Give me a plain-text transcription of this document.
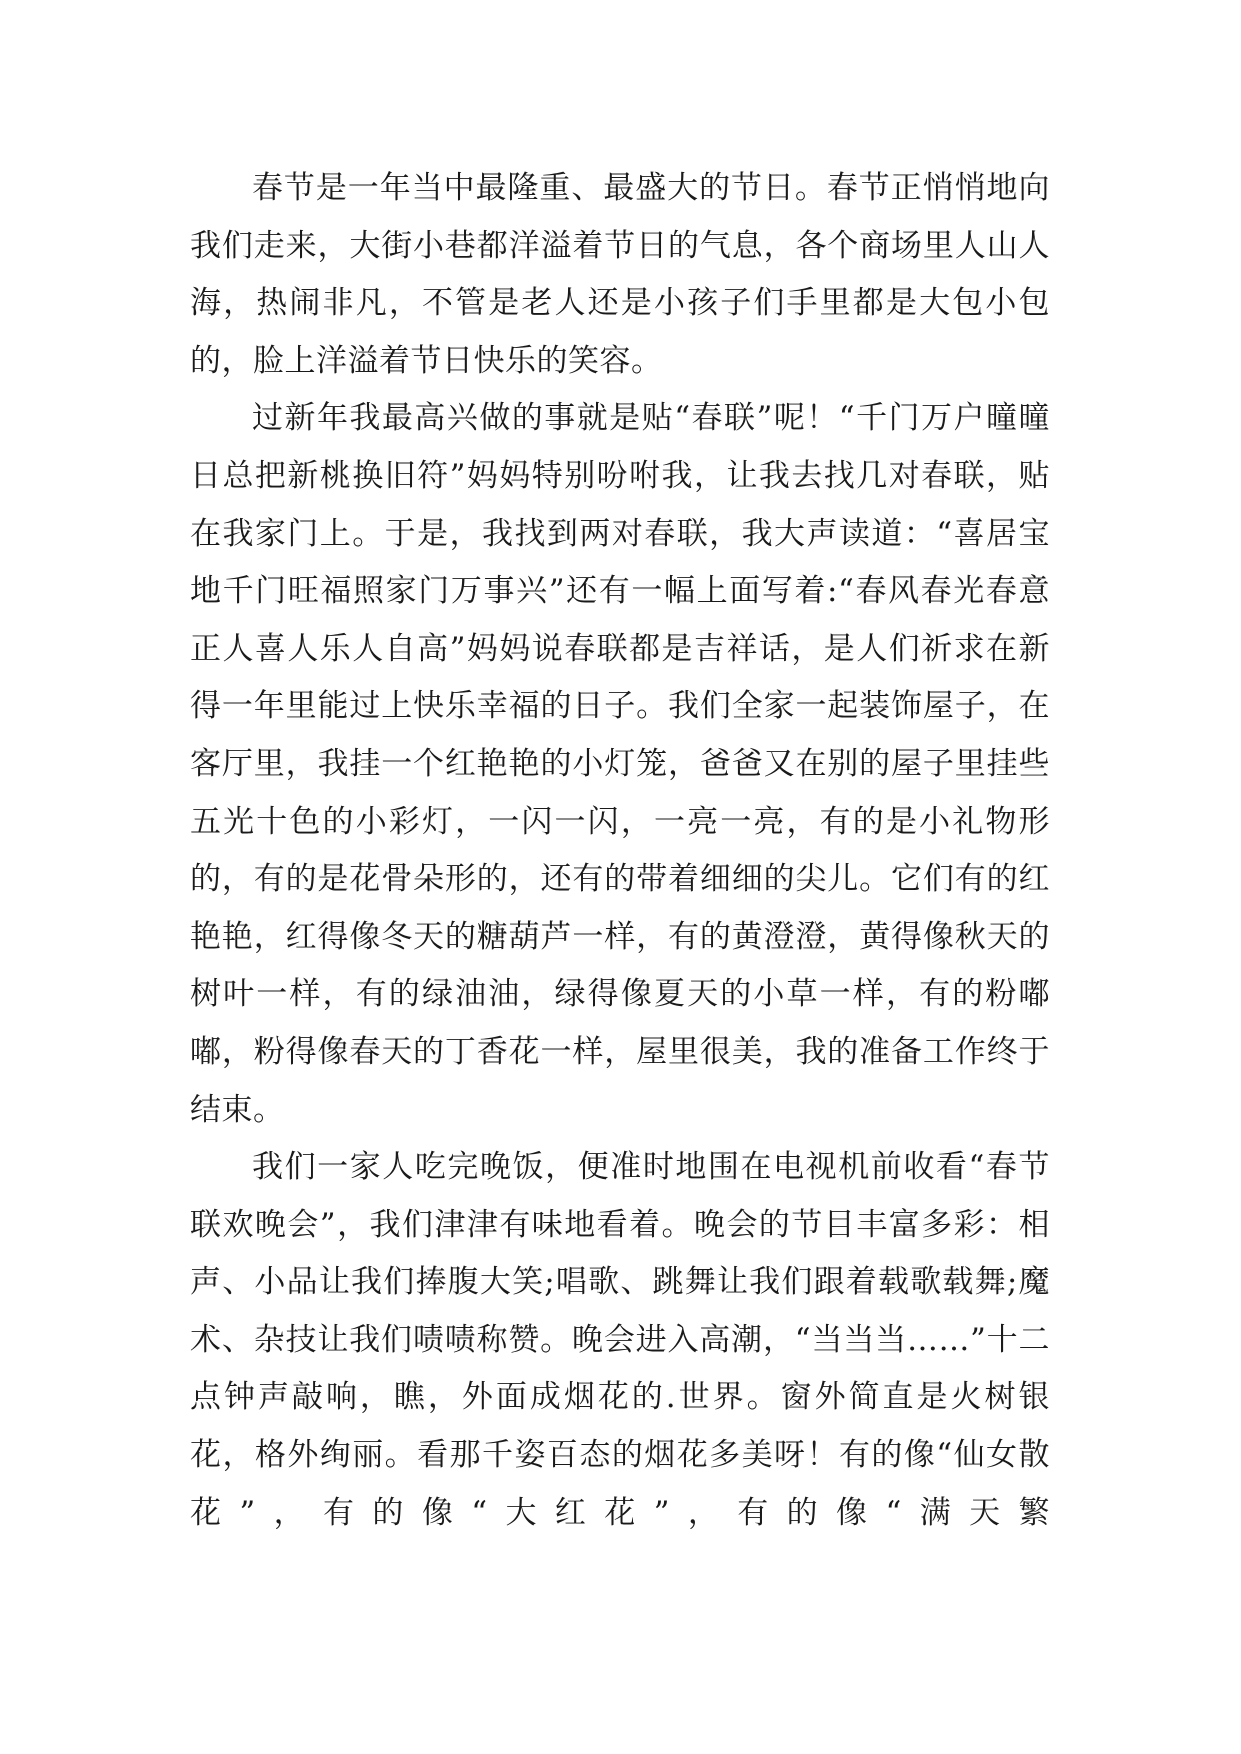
春节是一年当中最隆重、最盛大的节日。春节正悄悄地向我们走来，大街小巷都洋溢着节日的气息，各个商场里人山人海，热闹非凡，不管是老人还是小孩子们手里都是大包小包的，脸上洋溢着节日快乐的笑容。

过新年我最高兴做的事就是贴“春联”呢！“千门万户曈曈日总把新桃换旧符”妈妈特别吩咐我，让我去找几对春联，贴在我家门上。于是，我找到两对春联，我大声读道：“喜居宝地千门旺福照家门万事兴”还有一幅上面写着:“春风春光春意正人喜人乐人自高”妈妈说春联都是吉祥话，是人们祈求在新得一年里能过上快乐幸福的日子。我们全家一起装饰屋子，在客厅里，我挂一个红艳艳的小灯笼，爸爸又在别的屋子里挂些五光十色的小彩灯，一闪一闪，一亮一亮，有的是小礼物形的，有的是花骨朵形的，还有的带着细细的尖儿。它们有的红艳艳，红得像冬天的糖葫芦一样，有的黄澄澄，黄得像秋天的树叶一样，有的绿油油，绿得像夏天的小草一样，有的粉嘟嘟，粉得像春天的丁香花一样，屋里很美，我的准备工作终于结束。

我们一家人吃完晚饭，便准时地围在电视机前收看“春节联欢晚会”，我们津津有味地看着。晚会的节目丰富多彩：相声、小品让我们捧腹大笑;唱歌、跳舞让我们跟着载歌载舞;魔术、杂技让我们啧啧称赞。晚会进入高潮，“当当当……”十二点钟声敲响，瞧，外面成烟花的.世界。窗外简直是火树银花，格外绚丽。看那千姿百态的烟花多美呀！有的像“仙女散花”，有的像“大红花”，有的像“满天繁
